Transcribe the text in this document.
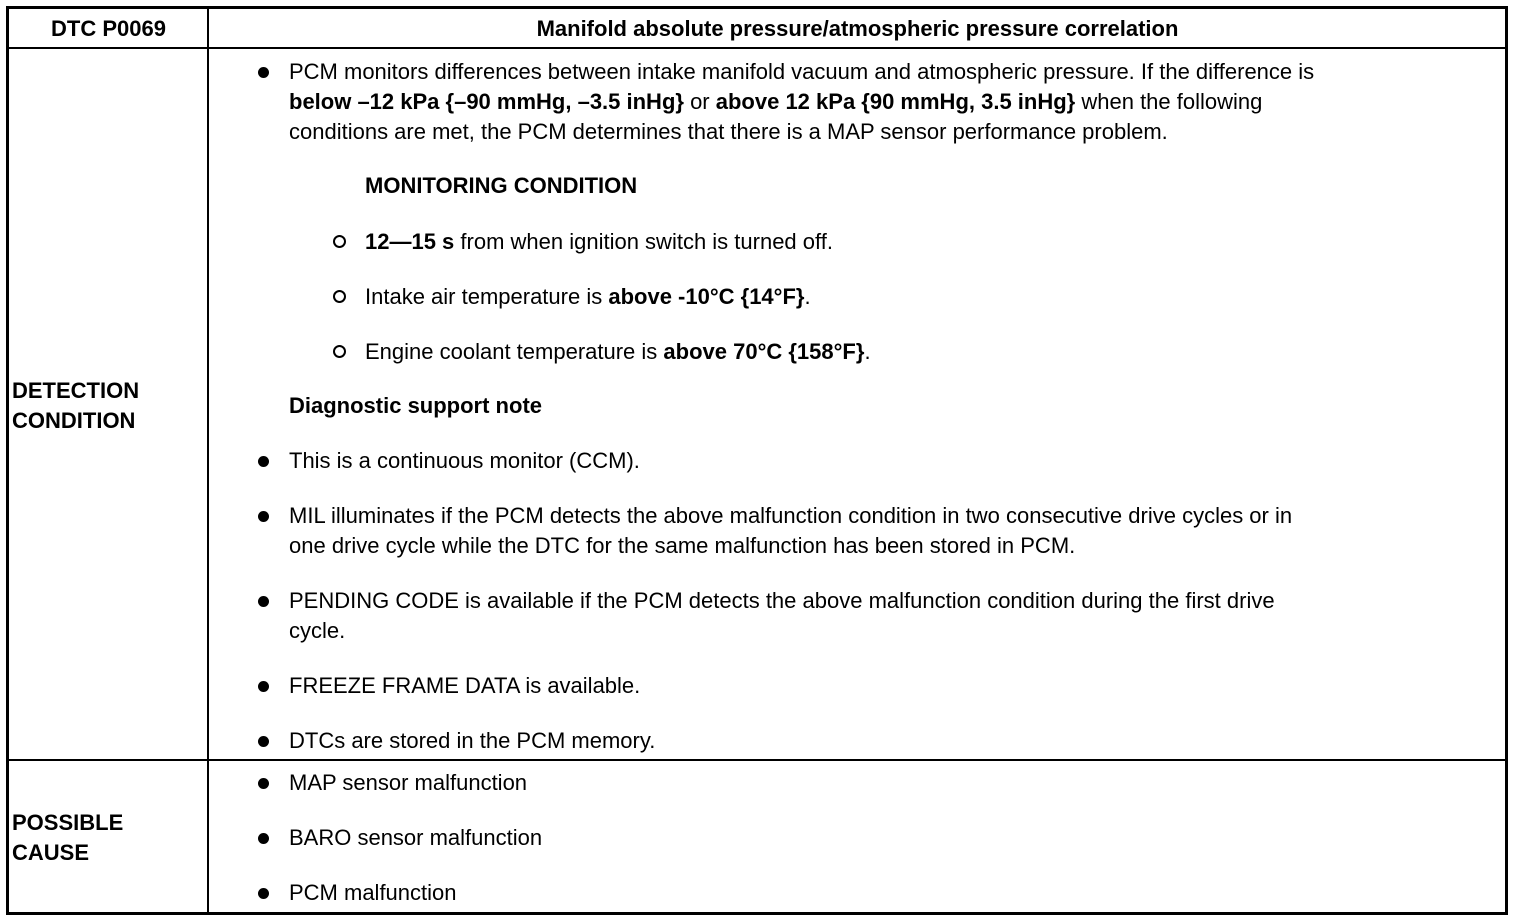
DTC P0069	Manifold absolute pressure/atmospheric pressure correlation
DETECTION
CONDITION
POSSIBLE
CAUSE
PCM monitors differences between intake manifold vacuum and atmospheric pressure. If the difference is
below –12 kPa {–90 mmHg, –3.5 inHg} or above 12 kPa {90 mmHg, 3.5 inHg} when the following
conditions are met, the PCM determines that there is a MAP sensor performance problem.
MONITORING CONDITION
12—15 s from when ignition switch is turned off.
Intake air temperature is above -10°C {14°F}.
Engine coolant temperature is above 70°C {158°F}.
Diagnostic support note
This is a continuous monitor (CCM).
MIL illuminates if the PCM detects the above malfunction condition in two consecutive drive cycles or in
one drive cycle while the DTC for the same malfunction has been stored in PCM.
PENDING CODE is available if the PCM detects the above malfunction condition during the first drive
cycle.
FREEZE FRAME DATA is available.
DTCs are stored in the PCM memory.
MAP sensor malfunction
BARO sensor malfunction
PCM malfunction
